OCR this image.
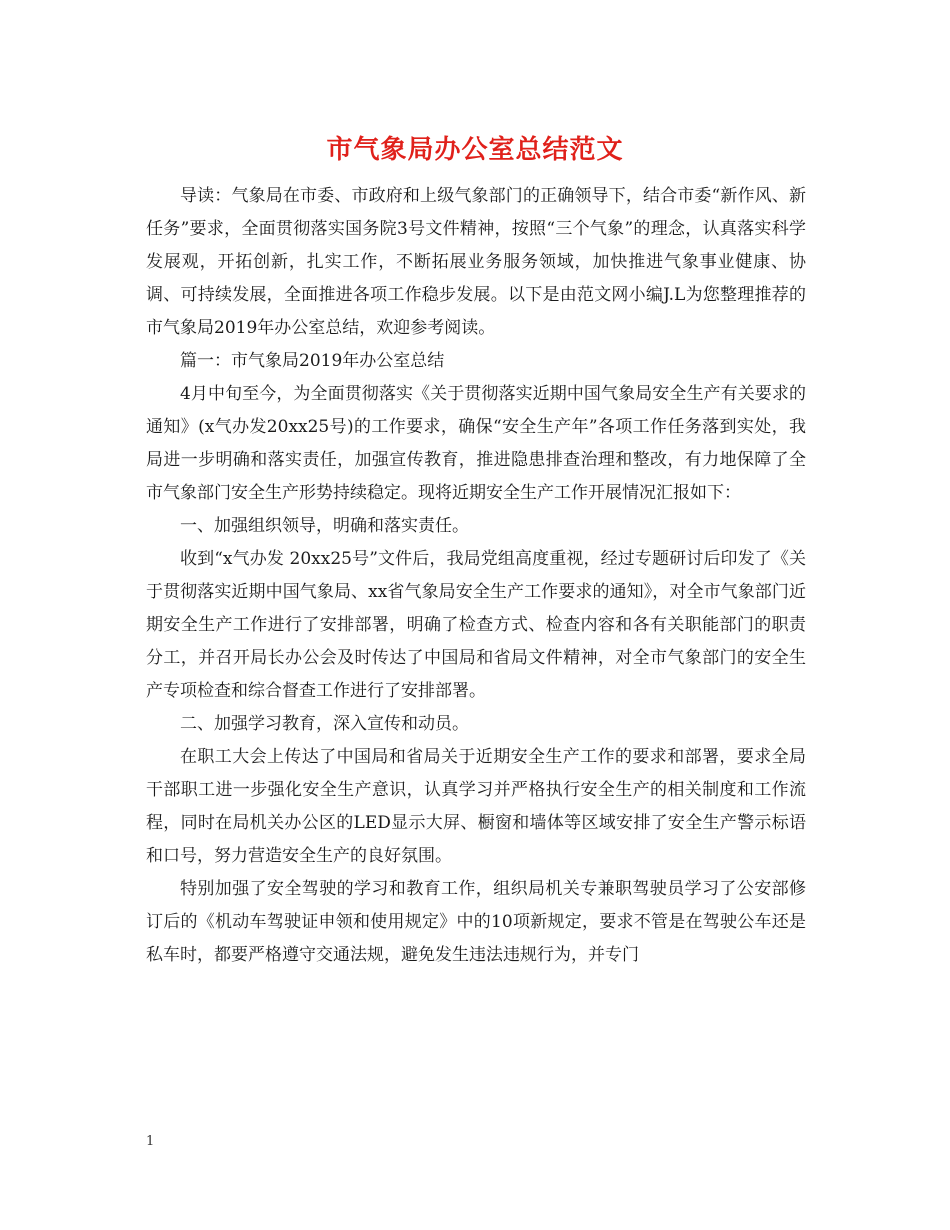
市气象局办公室总结范文

导读：气象局在市委、市政府和上级气象部门的正确领导下，结合市委“新作风、新任务”要求，全面贯彻落实国务院3号文件精神，按照“三个气象”的理念，认真落实科学发展观，开拓创新，扎实工作，不断拓展业务服务领域，加快推进气象事业健康、协调、可持续发展，全面推进各项工作稳步发展。以下是由范文网小编J.L为您整理推荐的市气象局2019年办公室总结，欢迎参考阅读。

篇一：市气象局2019年办公室总结

4月中旬至今，为全面贯彻落实《关于贯彻落实近期中国气象局安全生产有关要求的通知》(x气办发20xx25号)的工作要求，确保“安全生产年”各项工作任务落到实处，我局进一步明确和落实责任，加强宣传教育，推进隐患排查治理和整改，有力地保障了全市气象部门安全生产形势持续稳定。现将近期安全生产工作开展情况汇报如下：

一、加强组织领导，明确和落实责任。

收到“x气办发 20xx25号”文件后，我局党组高度重视，经过专题研讨后印发了《关于贯彻落实近期中国气象局、xx省气象局安全生产工作要求的通知》，对全市气象部门近期安全生产工作进行了安排部署，明确了检查方式、检查内容和各有关职能部门的职责分工，并召开局长办公会及时传达了中国局和省局文件精神，对全市气象部门的安全生产专项检查和综合督查工作进行了安排部署。

二、加强学习教育，深入宣传和动员。

在职工大会上传达了中国局和省局关于近期安全生产工作的要求和部署，要求全局干部职工进一步强化安全生产意识，认真学习并严格执行安全生产的相关制度和工作流程，同时在局机关办公区的LED显示大屏、橱窗和墙体等区域安排了安全生产警示标语和口号，努力营造安全生产的良好氛围。

特别加强了安全驾驶的学习和教育工作，组织局机关专兼职驾驶员学习了公安部修订后的《机动车驾驶证申领和使用规定》中的10项新规定，要求不管是在驾驶公车还是私车时，都要严格遵守交通法规，避免发生违法违规行为，并专门

1
